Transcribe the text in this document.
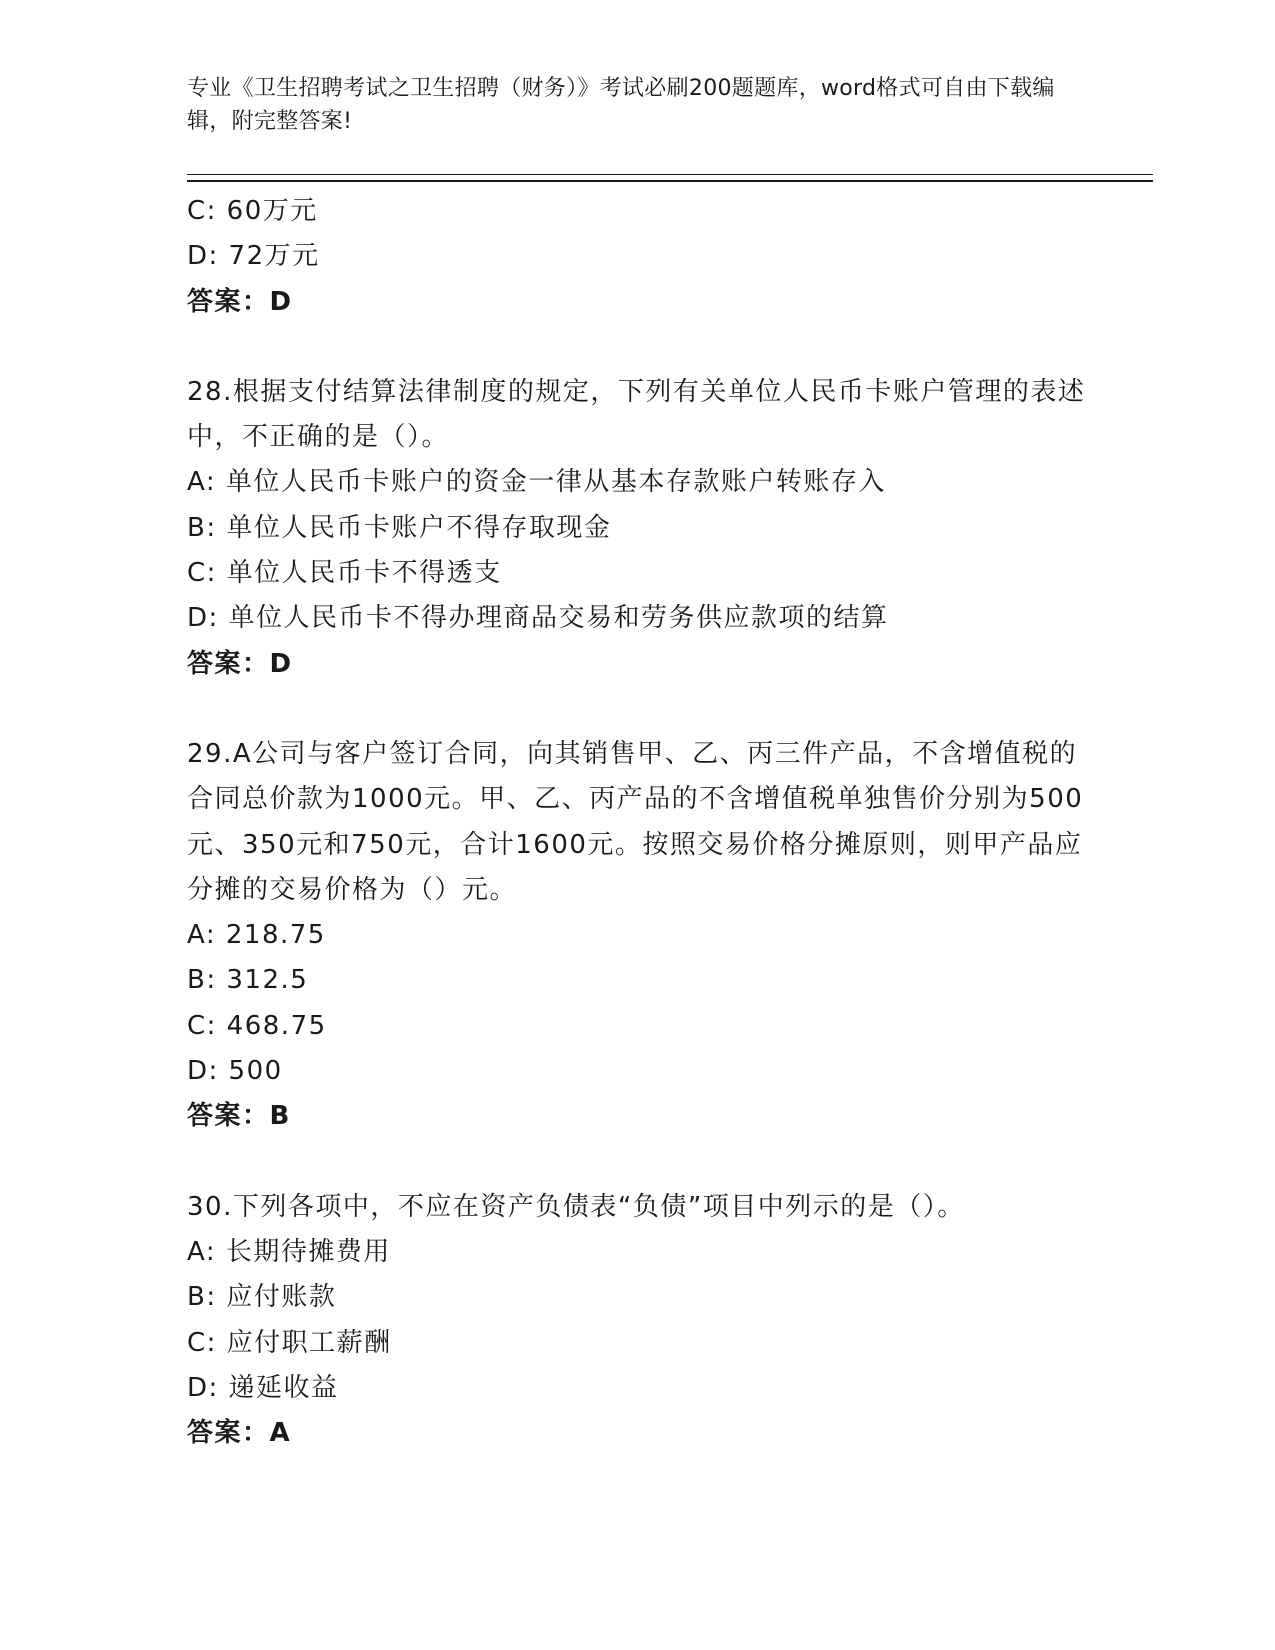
专业《卫生招聘考试之卫生招聘（财务）》考试必刷200题题库，word格式可自由下载编辑，附完整答案!
C: 60万元
D: 72万元
答案：D
28.根据支付结算法律制度的规定，下列有关单位人民币卡账户管理的表述中，不正确的是（）。
A: 单位人民币卡账户的资金一律从基本存款账户转账存入
B: 单位人民币卡账户不得存取现金
C: 单位人民币卡不得透支
D: 单位人民币卡不得办理商品交易和劳务供应款项的结算
答案：D
29.A公司与客户签订合同，向其销售甲、乙、丙三件产品，不含增值税的合同总价款为1000元。甲、乙、丙产品的不含增值税单独售价分别为500元、350元和750元，合计1600元。按照交易价格分摊原则，则甲产品应分摊的交易价格为（）元。
A: 218.75
B: 312.5
C: 468.75
D: 500
答案：B
30.下列各项中，不应在资产负债表“负债”项目中列示的是（）。
A: 长期待摊费用
B: 应付账款
C: 应付职工薪酬
D: 递延收益
答案：A
